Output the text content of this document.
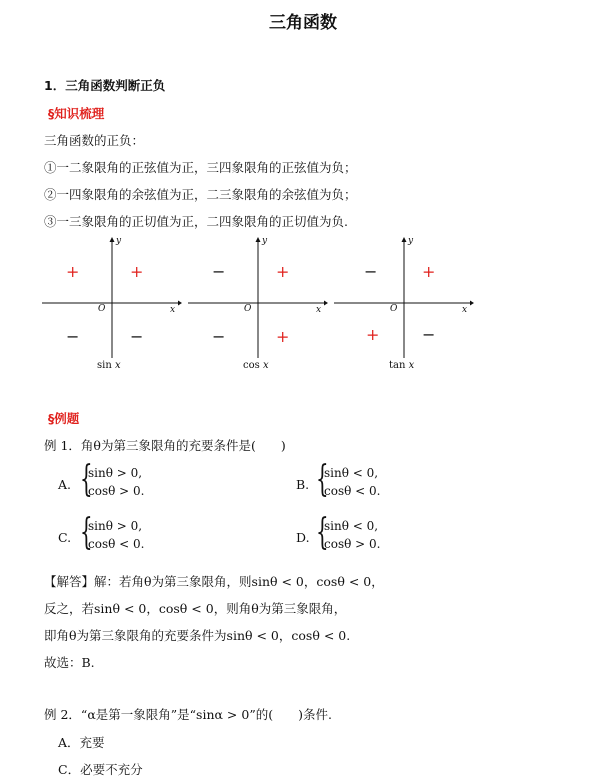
三角函数
1．三角函数判断正负
§知识梳理
三角函数的正负：
①一二象限角的正弦值为正，三四象限角的正弦值为负；
②一四象限角的余弦值为正，二三象限角的余弦值为负；
③一三象限角的正切值为正，二四象限角的正切值为负.
y
x
O
+	+
−	−
sin x
y
x
O
−	+
−	+
cos x
y
x
O
−	+
+	−
tan x
§例题
例 1．角θ为第三象限角的充要条件是(　　)
A. {
sinθ > 0,
cosθ > 0.	B. {
sinθ < 0,
cosθ < 0.
C. {
sinθ > 0,
cosθ < 0.	D. {
sinθ < 0,
cosθ > 0.
【解答】解：若角θ为第三象限角，则sinθ < 0，cosθ < 0，
反之，若sinθ < 0，cosθ < 0，则角θ为第三象限角，
即角θ为第三象限角的充要条件为sinθ < 0，cosθ < 0.
故选：B.
例 2．“α是第一象限角”是“sinα > 0”的(　　)条件.
A．充要
C．必要不充分
